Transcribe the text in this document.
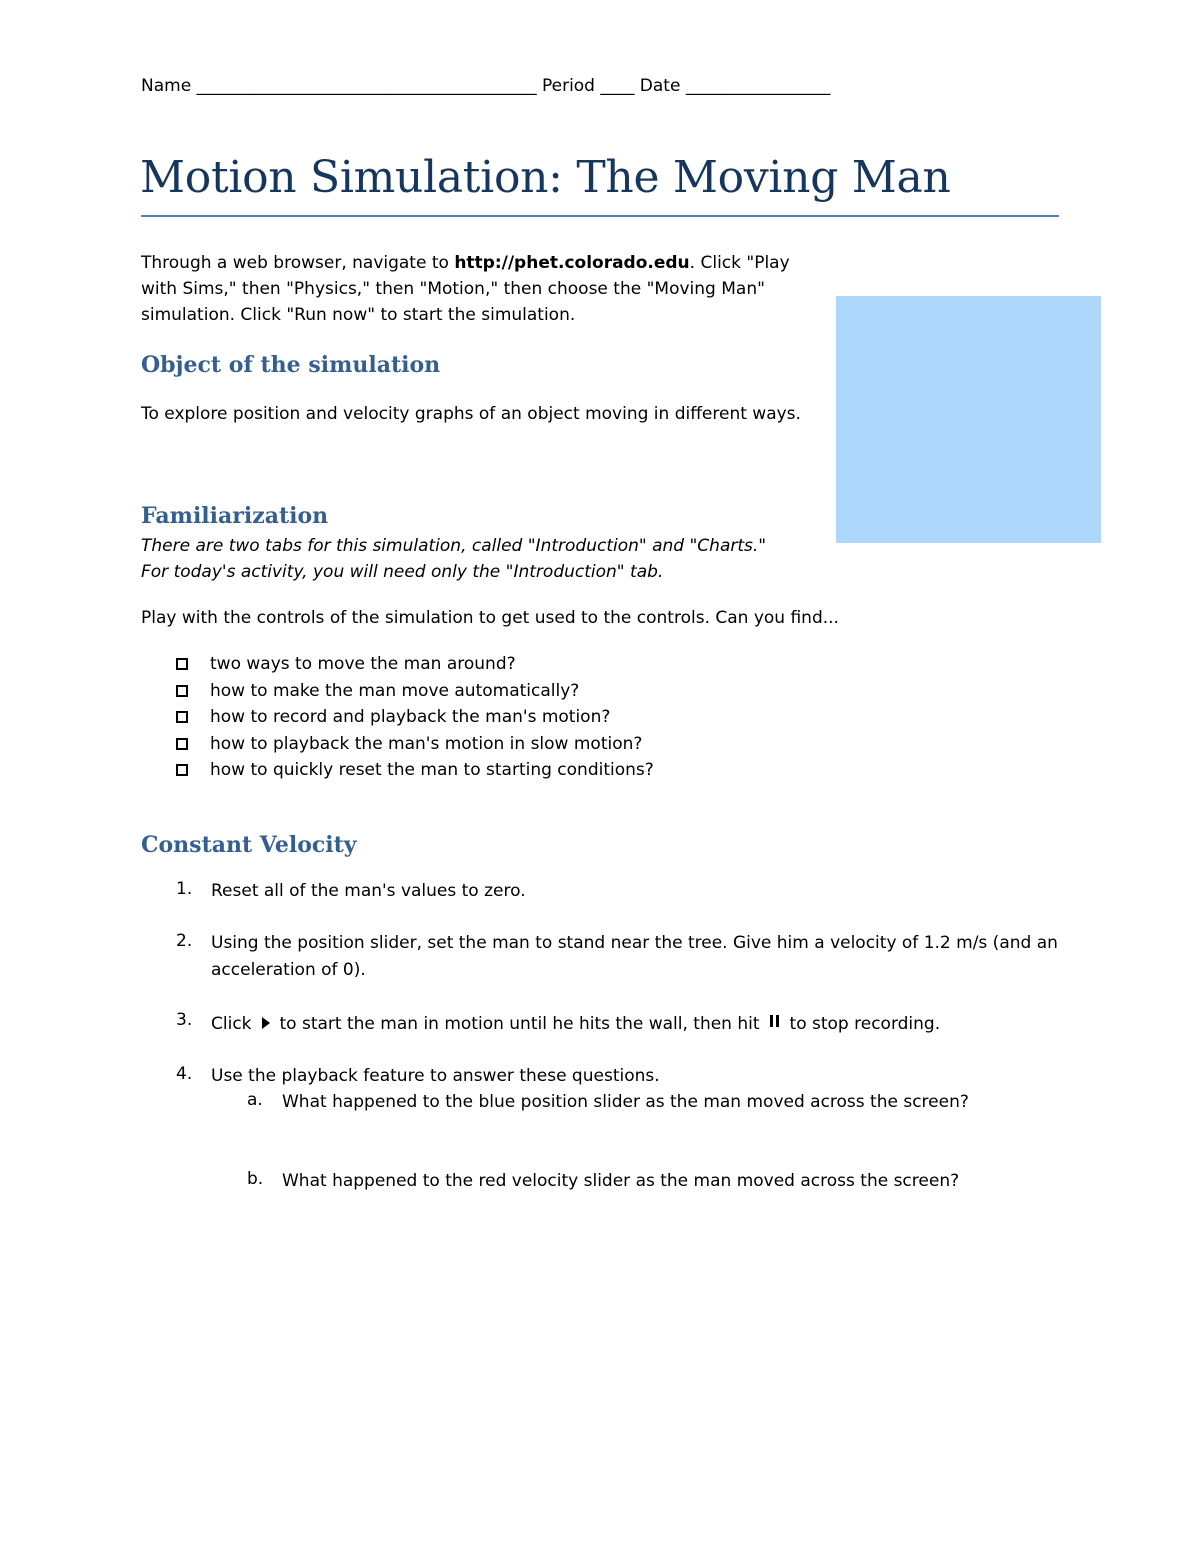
Name ________________________________________ Period ____ Date _________________
Motion Simulation: The Moving Man
Through a web browser, navigate to http://phet.colorado.edu. Click "Play with Sims," then "Physics," then "Motion," then choose the "Moving Man" simulation. Click "Run now" to start the simulation.
Object of the simulation
To explore position and velocity graphs of an object moving in different ways.
Familiarization
There are two tabs for this simulation, called "Introduction" and "Charts."
For today's activity, you will need only the "Introduction" tab.
Play with the controls of the simulation to get used to the controls. Can you find...
two ways to move the man around?
how to make the man move automatically?
how to record and playback the man's motion?
how to playback the man's motion in slow motion?
how to quickly reset the man to starting conditions?
Constant Velocity
1. Reset all of the man's values to zero.
2. Using the position slider, set the man to stand near the tree. Give him a velocity of 1.2 m/s (and an acceleration of 0).
3. Click to start the man in motion until he hits the wall, then hit to stop recording.
4. Use the playback feature to answer these questions.
a. What happened to the blue position slider as the man moved across the screen?
b. What happened to the red velocity slider as the man moved across the screen?
